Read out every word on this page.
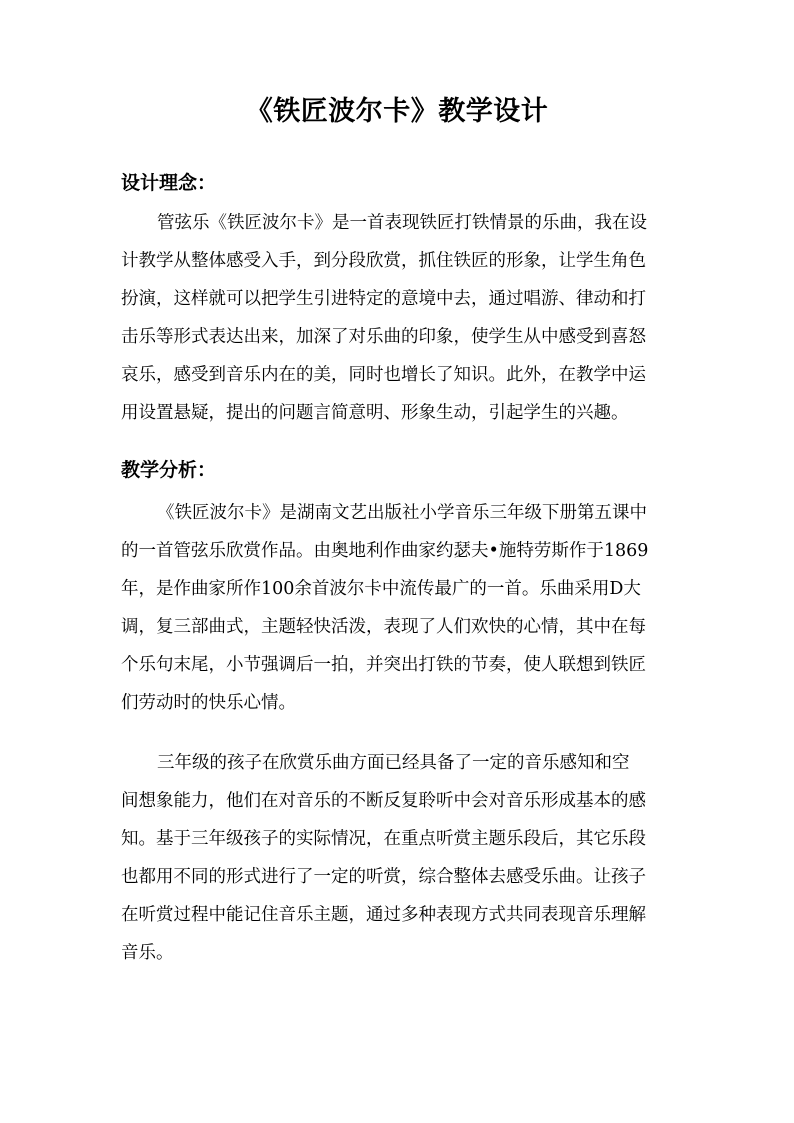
《铁匠波尔卡》教学设计
设计理念：
管弦乐《铁匠波尔卡》是一首表现铁匠打铁情景的乐曲，我在设
计教学从整体感受入手，到分段欣赏，抓住铁匠的形象，让学生角色
扮演，这样就可以把学生引进特定的意境中去，通过唱游、律动和打
击乐等形式表达出来，加深了对乐曲的印象，使学生从中感受到喜怒
哀乐，感受到音乐内在的美，同时也增长了知识。此外，在教学中运
用设置悬疑，提出的问题言简意明、形象生动，引起学生的兴趣。
教学分析：
《铁匠波尔卡》是湖南文艺出版社小学音乐三年级下册第五课中
的一首管弦乐欣赏作品。由奥地利作曲家约瑟夫•施特劳斯作于1869
年，是作曲家所作100余首波尔卡中流传最广的一首。乐曲采用D大
调，复三部曲式，主题轻快活泼，表现了人们欢快的心情，其中在每
个乐句末尾，小节强调后一拍，并突出打铁的节奏，使人联想到铁匠
们劳动时的快乐心情。
三年级的孩子在欣赏乐曲方面已经具备了一定的音乐感知和空
间想象能力，他们在对音乐的不断反复聆听中会对音乐形成基本的感
知。基于三年级孩子的实际情况，在重点听赏主题乐段后，其它乐段
也都用不同的形式进行了一定的听赏，综合整体去感受乐曲。让孩子
在听赏过程中能记住音乐主题，通过多种表现方式共同表现音乐理解
音乐。
